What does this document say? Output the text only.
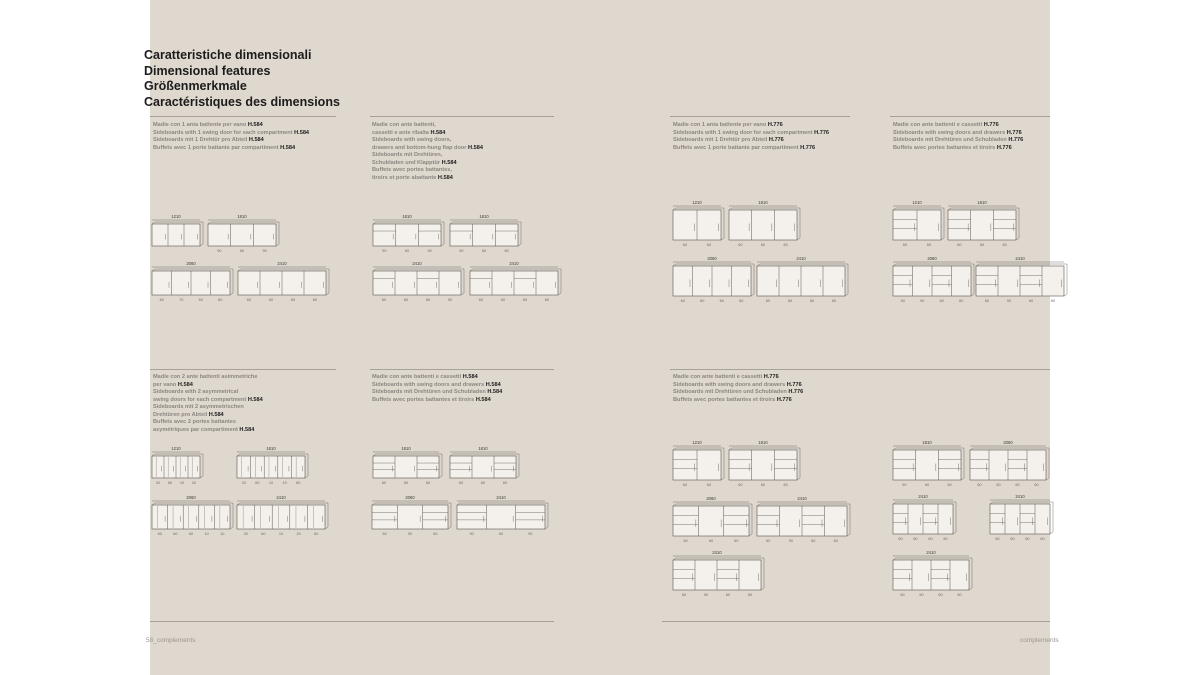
Caratteristiche dimensionali
Dimensional features
Größenmerkmale
Caractéristiques des dimensions
Madie con 1 anta battente per vano H.584
Sideboards with 1 swing door for each compartment H.584
Sideboards mit 1 Drehtür pro Abteil H.584
Buffets avec 1 porte battante par compartiment H.584
Madie con ante battenti,
cassetti e ante ribalta H.584
Sideboards with swing doors,
drawers and bottom-hung flap door H.584
Sideboards mit Drehtüren,
Schubladen und Klapptür H.584
Buffets avec portes battantes,
tiroirs et porte abattante H.584
Madie con 1 anta battente per vano H.776
Sideboards with 1 swing door for each compartment H.776
Sideboards mit 1 Drehtür pro Abteil H.776
Buffets avec 1 porte battante par compartiment H.776
Madie con ante battenti e cassetti H.776
Sideboards with swing doors and drawers H.776
Sideboards mit Drehtüren und Schubladen H.776
Buffets avec portes battantes et tiroirs H.776
Madie con 2 ante battenti asimmetriche
per vano H.584
Sideboards with 2 asymmetrical
swing doors for each compartment H.584
Sideboards mit 2 asymmetrischen
Drehtüren pro Abteil H.584
Buffets avec 2 portes battantes
asymétriques par compartiment H.584
Madie con ante battenti e cassetti H.584
Sideboards with swing doors and drawers H.584
Sideboards mit Drehtüren und Schubladen H.584
Buffets avec portes battantes et tiroirs H.584
Madie con ante battenti e cassetti H.776
Sideboards with swing doors and drawers H.776
Sideboards mit Drehtüren und Schubladen H.776
Buffets avec portes battantes et tiroirs H.776
1210	1810
90	60	90
2060
60	70	60	60
2410
60	60	60	60
1810
90	60	90
1810
90	60	60
2410
60	60	60	90
2410
60	60	60	60
1210
60	60
1810
60	60	60
2060
60	60	60	60
2410
60	60	60	60
1210
60	60
1810
60	60	60
2060
60	90	60	60
2410
60	90	60	60
1210
20 60 10 20
1810
20 60 10 10 60
2060
60	60	60	10	10
2410
20	60	10	20	60
1810
60	60	60
1810
60	60	60
2060
60	90	60
2410
90	60	90
1210
60	60
1810
60	60	60
2060
60	60	60
2410
60	90	60	60
2410
60	90	60	60
1810
90	60	60
2060
60	60	60	60
2410
60	60	60	60
2410
60	60	60	60
2410
60	90	60	60
58_complements	complements
